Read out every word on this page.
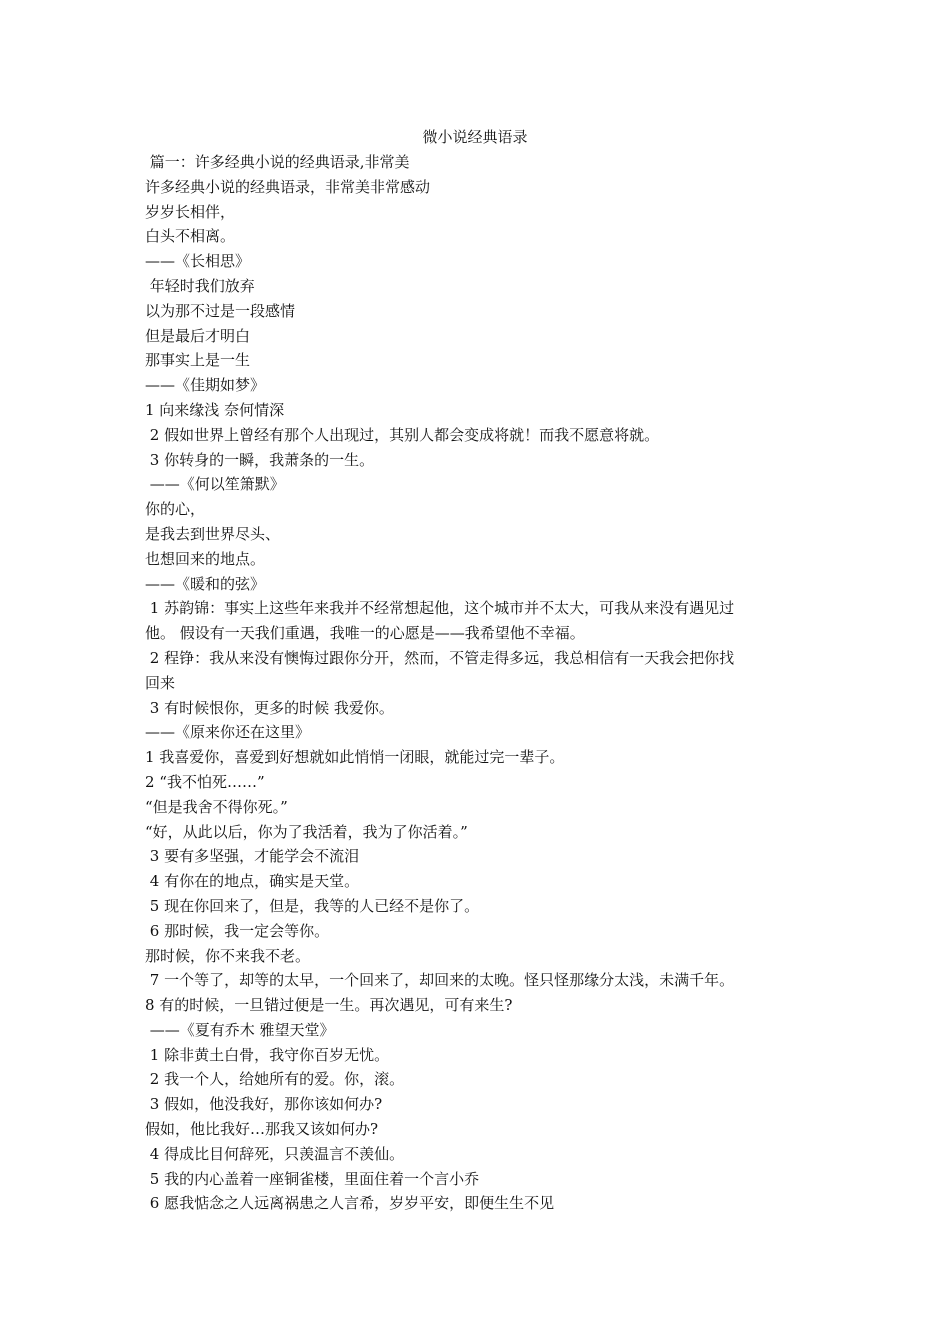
微小说经典语录
篇一：许多经典小说的经典语录,非常美
许多经典小说的经典语录，非常美非常感动
岁岁长相伴，
白头不相离。
——《长相思》
年轻时我们放弃
以为那不过是一段感情
但是最后才明白
那事实上是一生
——《佳期如梦》
1 向来缘浅 奈何情深
2 假如世界上曾经有那个人出现过，其别人都会变成将就！而我不愿意将就。
3 你转身的一瞬，我萧条的一生。
——《何以笙箫默》
你的心，
是我去到世界尽头、
也想回来的地点。
——《暖和的弦》
1 苏韵锦：事实上这些年来我并不经常想起他，这个城市并不太大，可我从来没有遇见过
他。 假设有一天我们重遇，我唯一的心愿是——我希望他不幸福。
2 程铮：我从来没有懊悔过跟你分开，然而，不管走得多远，我总相信有一天我会把你找
回来
3 有时候恨你，更多的时候 我爱你。
——《原来你还在这里》
1 我喜爱你，喜爱到好想就如此悄悄一闭眼，就能过完一辈子。
2 “我不怕死……”
“但是我舍不得你死。”
“好，从此以后，你为了我活着，我为了你活着。”
3 要有多坚强，才能学会不流泪
4 有你在的地点，确实是天堂。
5 现在你回来了，但是，我等的人已经不是你了。
6 那时候，我一定会等你。
那时候，你不来我不老。
7 一个等了，却等的太早，一个回来了，却回来的太晚。怪只怪那缘分太浅，未满千年。
8 有的时候，一旦错过便是一生。再次遇见，可有来生?
——《夏有乔木 雅望天堂》
1 除非黄土白骨，我守你百岁无忧。
2 我一个人，给她所有的爱。你，滚。
3 假如，他没我好，那你该如何办?
假如，他比我好…那我又该如何办?
4 得成比目何辞死，只羡温言不羡仙。
5 我的内心盖着一座铜雀楼，里面住着一个言小乔
6 愿我惦念之人远离祸患之人言希，岁岁平安，即便生生不见
